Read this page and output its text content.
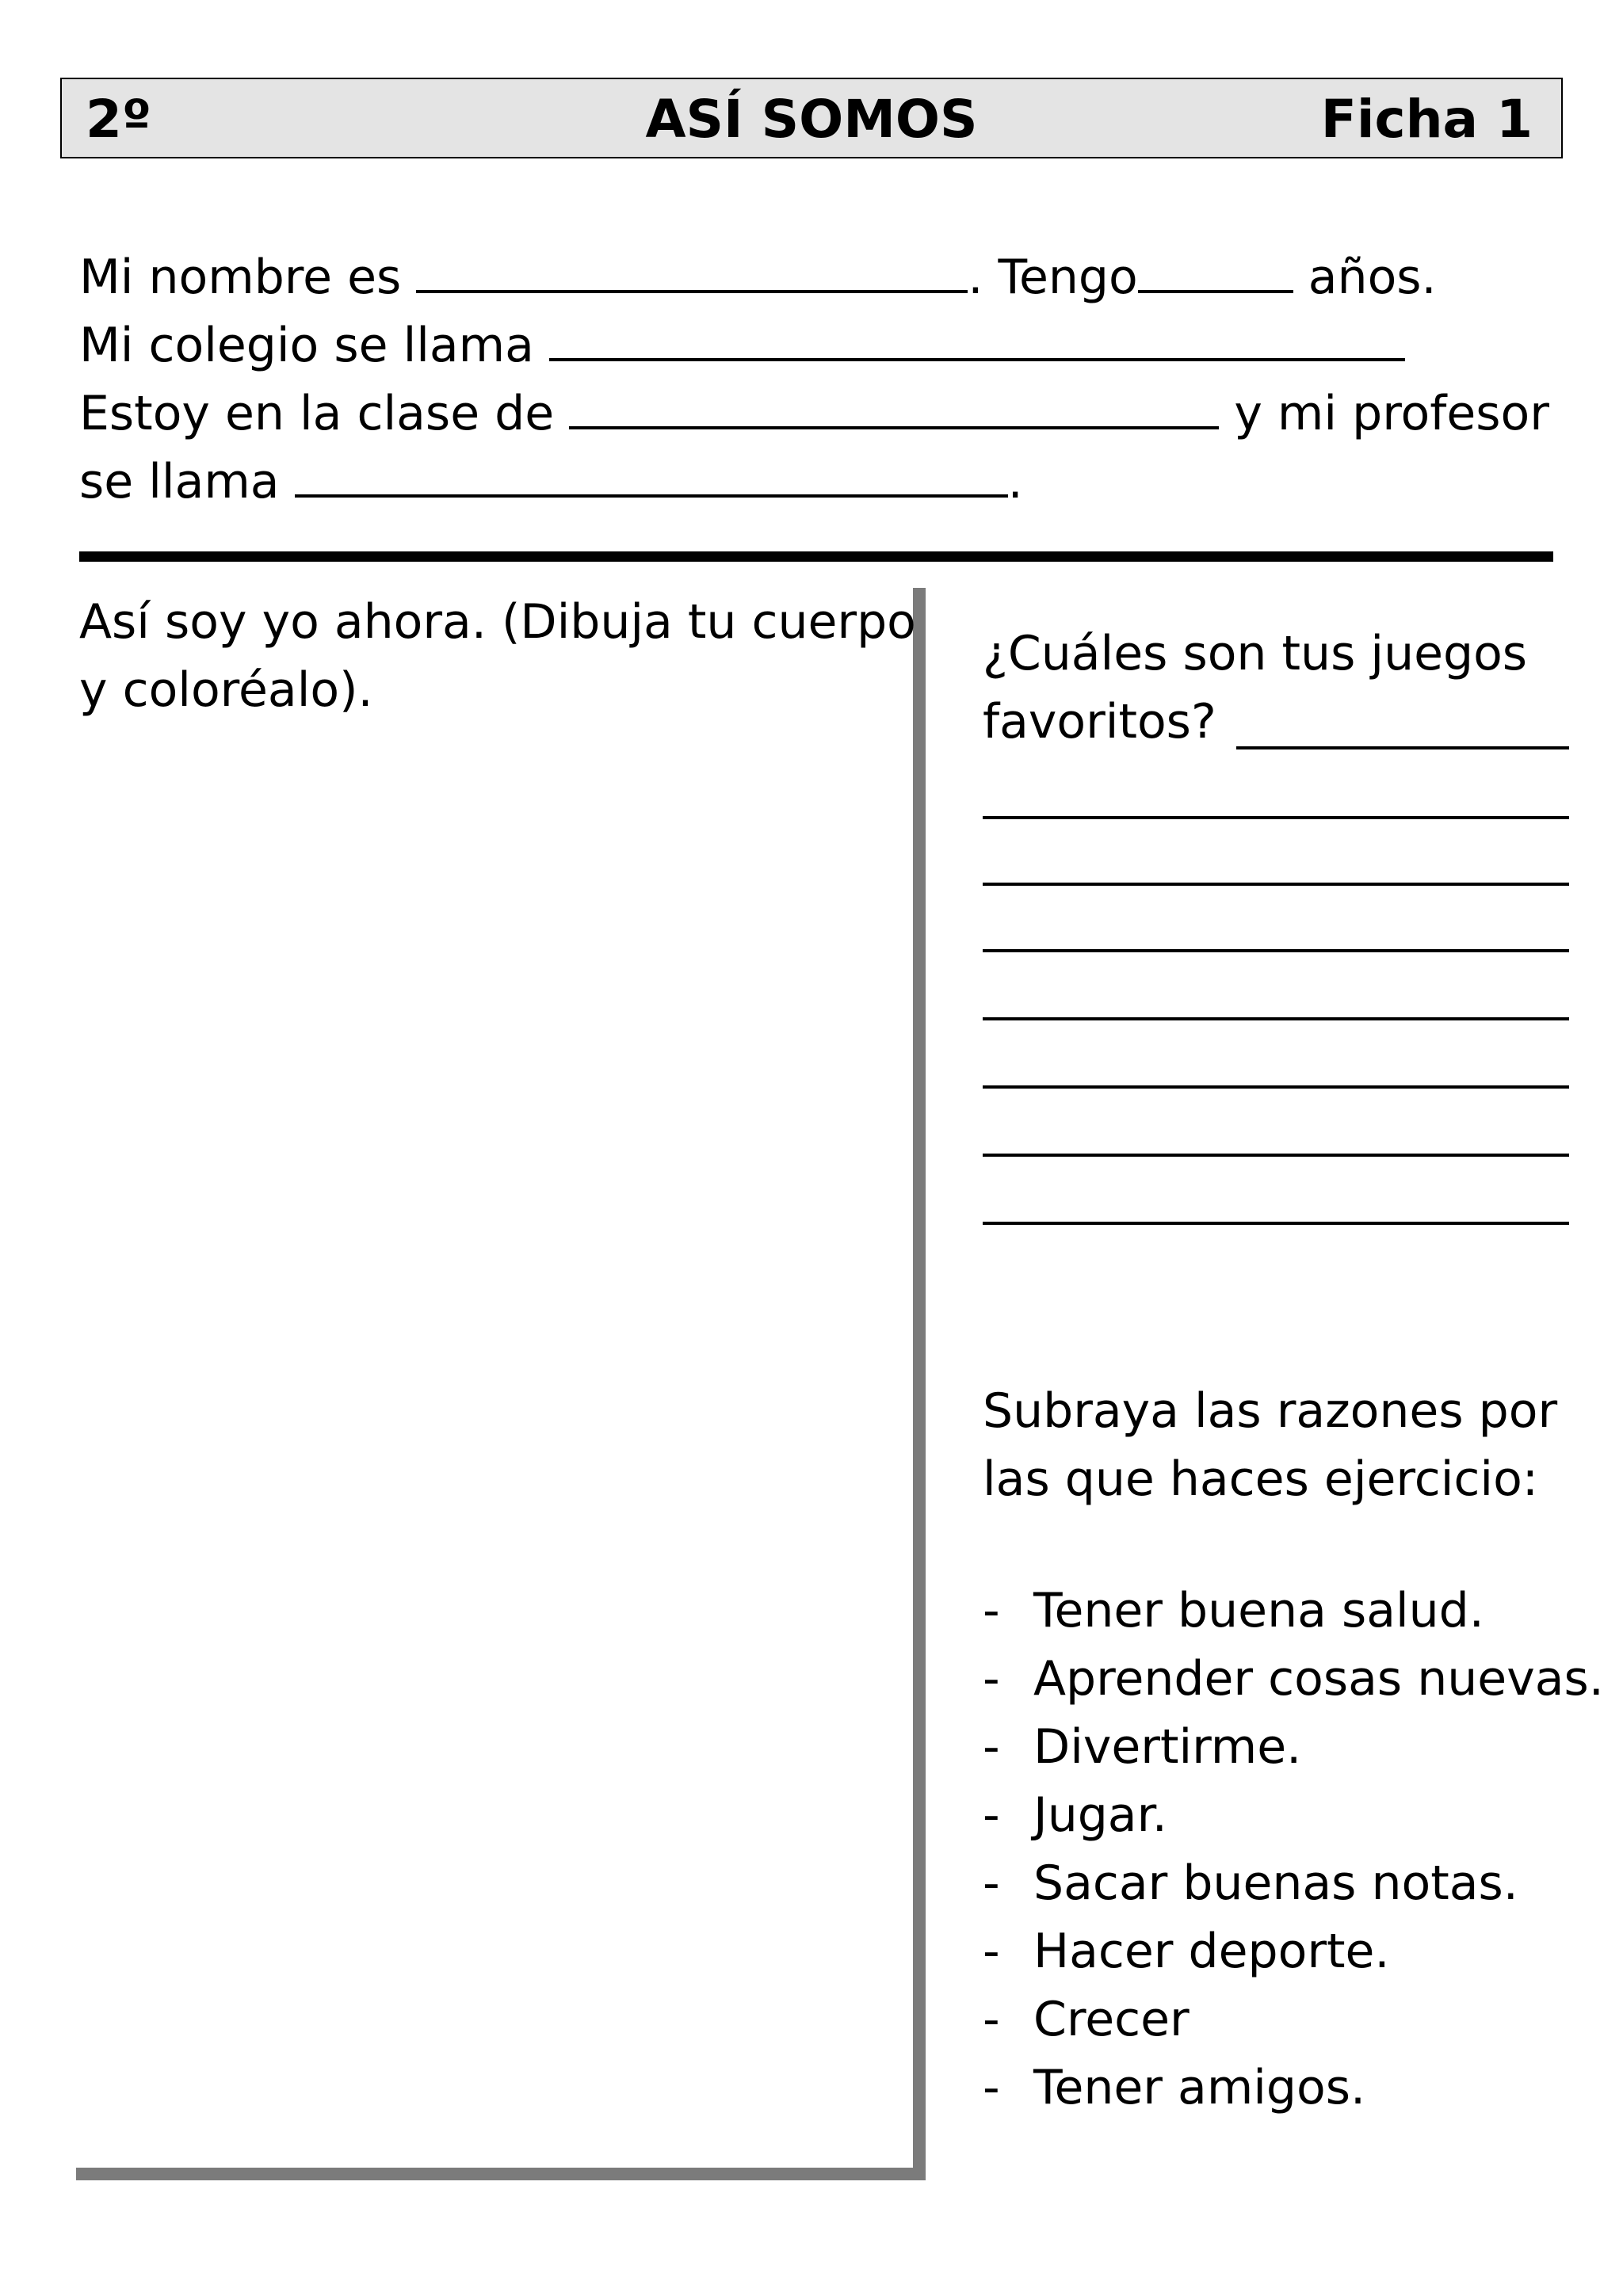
2º	ASÍ SOMOS	Ficha 1
Mi nombre es	. Tengo	años.
Mi colegio se llama
Estoy en la clase de	y mi profesor
se llama	.
Así soy yo ahora. (Dibuja tu cuerpo y coloréalo).
¿Cuáles son tus juegos
favoritos?
Subraya las razones por
las que haces ejercicio:
- Tener buena salud.
- Aprender cosas nuevas.
- Divertirme.
- Jugar.
- Sacar buenas notas.
- Hacer deporte.
- Crecer
- Tener amigos.
